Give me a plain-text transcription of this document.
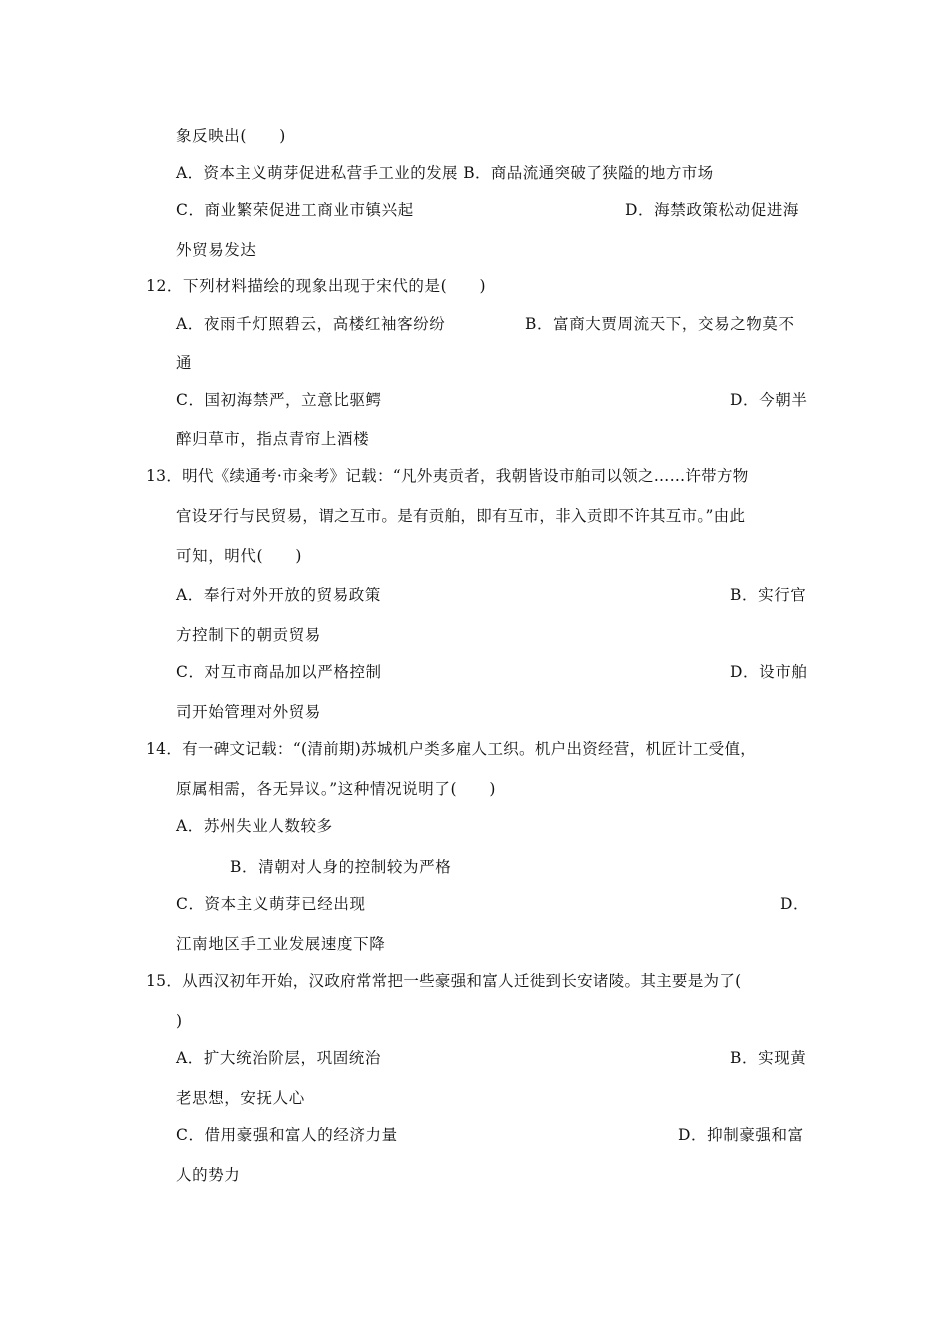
象反映出(　　)
A．资本主义萌芽促进私营手工业的发展 B．商品流通突破了狭隘的地方市场
C．商业繁荣促进工商业市镇兴起	D．海禁政策松动促进海
外贸易发达
12．下列材料描绘的现象出现于宋代的是(　　)
A．夜雨千灯照碧云，高楼红袖客纷纷	B．富商大贾周流天下，交易之物莫不
通
C．国初海禁严，立意比驱鳄	D．今朝半
醉归草市，指点青帘上酒楼
13．明代《续通考·市籴考》记载：“凡外夷贡者，我朝皆设市舶司以领之……许带方物
官设牙行与民贸易，谓之互市。是有贡舶，即有互市，非入贡即不许其互市。”由此
可知，明代(　　)
A．奉行对外开放的贸易政策	B．实行官
方控制下的朝贡贸易
C．对互市商品加以严格控制	D．设市舶
司开始管理对外贸易
14．有一碑文记载：“(清前期)苏城机户类多雇人工织。机户出资经营，机匠计工受值，
原属相需，各无异议。”这种情况说明了(　　)
A．苏州失业人数较多
B．清朝对人身的控制较为严格
C．资本主义萌芽已经出现	D．
江南地区手工业发展速度下降
15．从西汉初年开始，汉政府常常把一些豪强和富人迁徙到长安诸陵。其主要是为了(
)
A．扩大统治阶层，巩固统治	B．实现黄
老思想，安抚人心
C．借用豪强和富人的经济力量	D．抑制豪强和富
人的势力
